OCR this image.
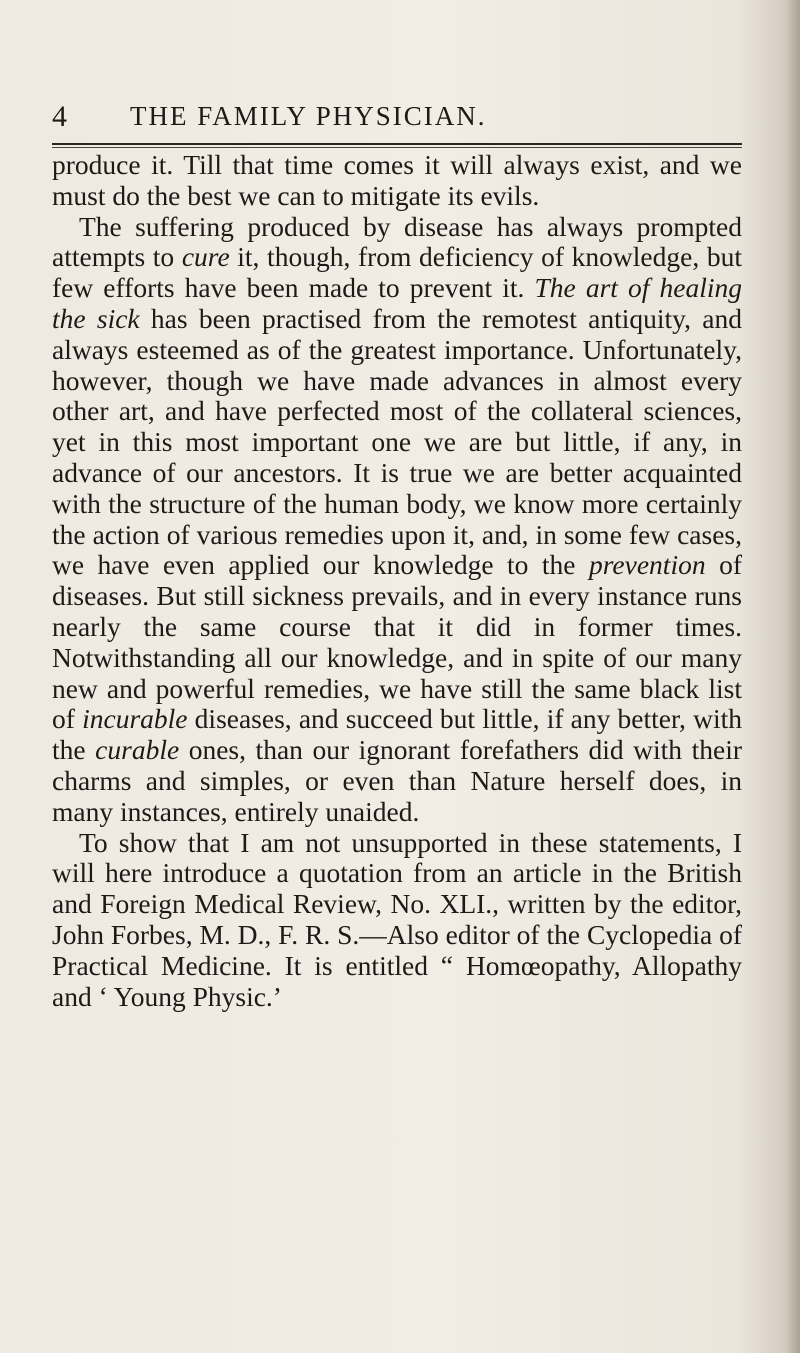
4 THE FAMILY PHYSICIAN.

produce it. Till that time comes it will always exist, and we must do the best we can to mitigate its evils.

The suffering produced by disease has always prompted attempts to cure it, though, from deficiency of knowledge, but few efforts have been made to prevent it. The art of healing the sick has been practised from the remotest antiquity, and always esteemed as of the greatest importance. Unfortunately, however, though we have made advances in almost every other art, and have perfected most of the collateral sciences, yet in this most important one we are but little, if any, in advance of our ancestors. It is true we are better acquainted with the structure of the human body, we know more certainly the action of various remedies upon it, and, in some few cases, we have even applied our knowledge to the prevention of diseases. But still sickness prevails, and in every instance runs nearly the same course that it did in former times. Notwithstanding all our knowledge, and in spite of our many new and powerful remedies, we have still the same black list of incurable diseases, and succeed but little, if any better, with the curable ones, than our ignorant forefathers did with their charms and simples, or even than Nature herself does, in many instances, entirely unaided.

To show that I am not unsupported in these statements, I will here introduce a quotation from an article in the British and Foreign Medical Review, No. XLI., written by the editor, John Forbes, M. D., F. R. S.—Also editor of the Cyclopedia of Practical Medicine. It is entitled “ Homœopathy, Allopathy and ‘ Young Physic.’
